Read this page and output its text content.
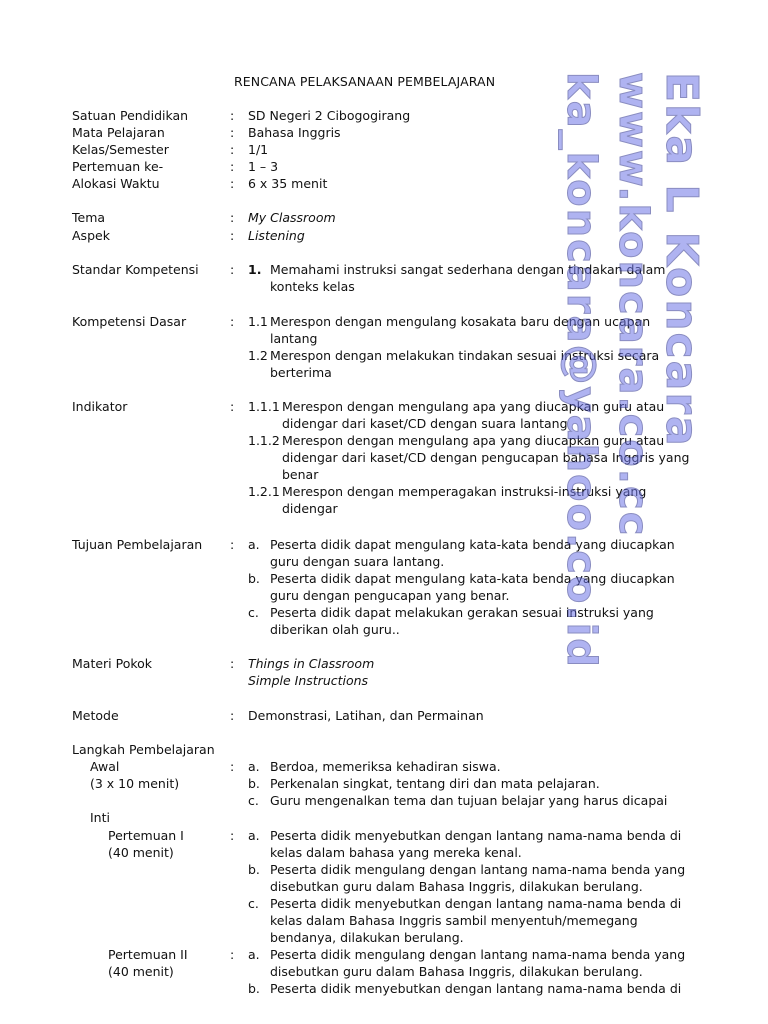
RENCANA PELAKSANAAN PEMBELAJARAN
Satuan Pendidikan	: SD Negeri 2 Cibogogirang
Mata Pelajaran	: Bahasa Inggris
Kelas/Semester	: 1/1
Pertemuan ke-	: 1 – 3
Alokasi Waktu	: 6 x 35 menit
Tema	: My Classroom
Aspek	: Listening
Standar Kompetensi	: 1. Memahami instruksi sangat sederhana dengan tindakan dalam
konteks kelas
Kompetensi Dasar	: 1.1 Merespon dengan mengulang kosakata baru dengan ucapan
lantang
1.2 Merespon dengan melakukan tindakan sesuai instruksi secara
berterima
Indikator	: 1.1.1 Merespon dengan mengulang apa yang diucapkan guru atau
didengar dari kaset/CD dengan suara lantang
1.1.2 Merespon dengan mengulang apa yang diucapkan guru atau
didengar dari kaset/CD dengan pengucapan bahasa Inggris yang
benar
1.2.1 Merespon dengan memperagakan instruksi-instruksi yang
didengar
Tujuan Pembelajaran : a. Peserta didik dapat mengulang kata-kata benda yang diucapkan
guru dengan suara lantang.
b. Peserta didik dapat mengulang kata-kata benda yang diucapkan
guru dengan pengucapan yang benar.
c. Peserta didik dapat melakukan gerakan sesuai instruksi yang
diberikan olah guru..
Materi Pokok	: Things in Classroom
Simple Instructions
Metode	: Demonstrasi, Latihan, dan Permainan
Langkah Pembelajaran
Awal
(3 x 10 menit)
: a. Berdoa, memeriksa kehadiran siswa.
b. Perkenalan singkat, tentang diri dan mata pelajaran.
c. Guru mengenalkan tema dan tujuan belajar yang harus dicapai
Inti
Pertemuan I
(40 menit)
: a. Peserta didik menyebutkan dengan lantang nama-nama benda di
kelas dalam bahasa yang mereka kenal.
b. Peserta didik mengulang dengan lantang nama-nama benda yang
disebutkan guru dalam Bahasa Inggris, dilakukan berulang.
c. Peserta didik menyebutkan dengan lantang nama-nama benda di
kelas dalam Bahasa Inggris sambil menyentuh/memegang
bendanya, dilakukan berulang.
Pertemuan II
(40 menit)
: a. Peserta didik mengulang dengan lantang nama-nama benda yang
disebutkan guru dalam Bahasa Inggris, dilakukan berulang.
b. Peserta didik menyebutkan dengan lantang nama-nama benda di
ka_koncara@yahoo.co.id www.koncara.co.cc Eka L Koncara
